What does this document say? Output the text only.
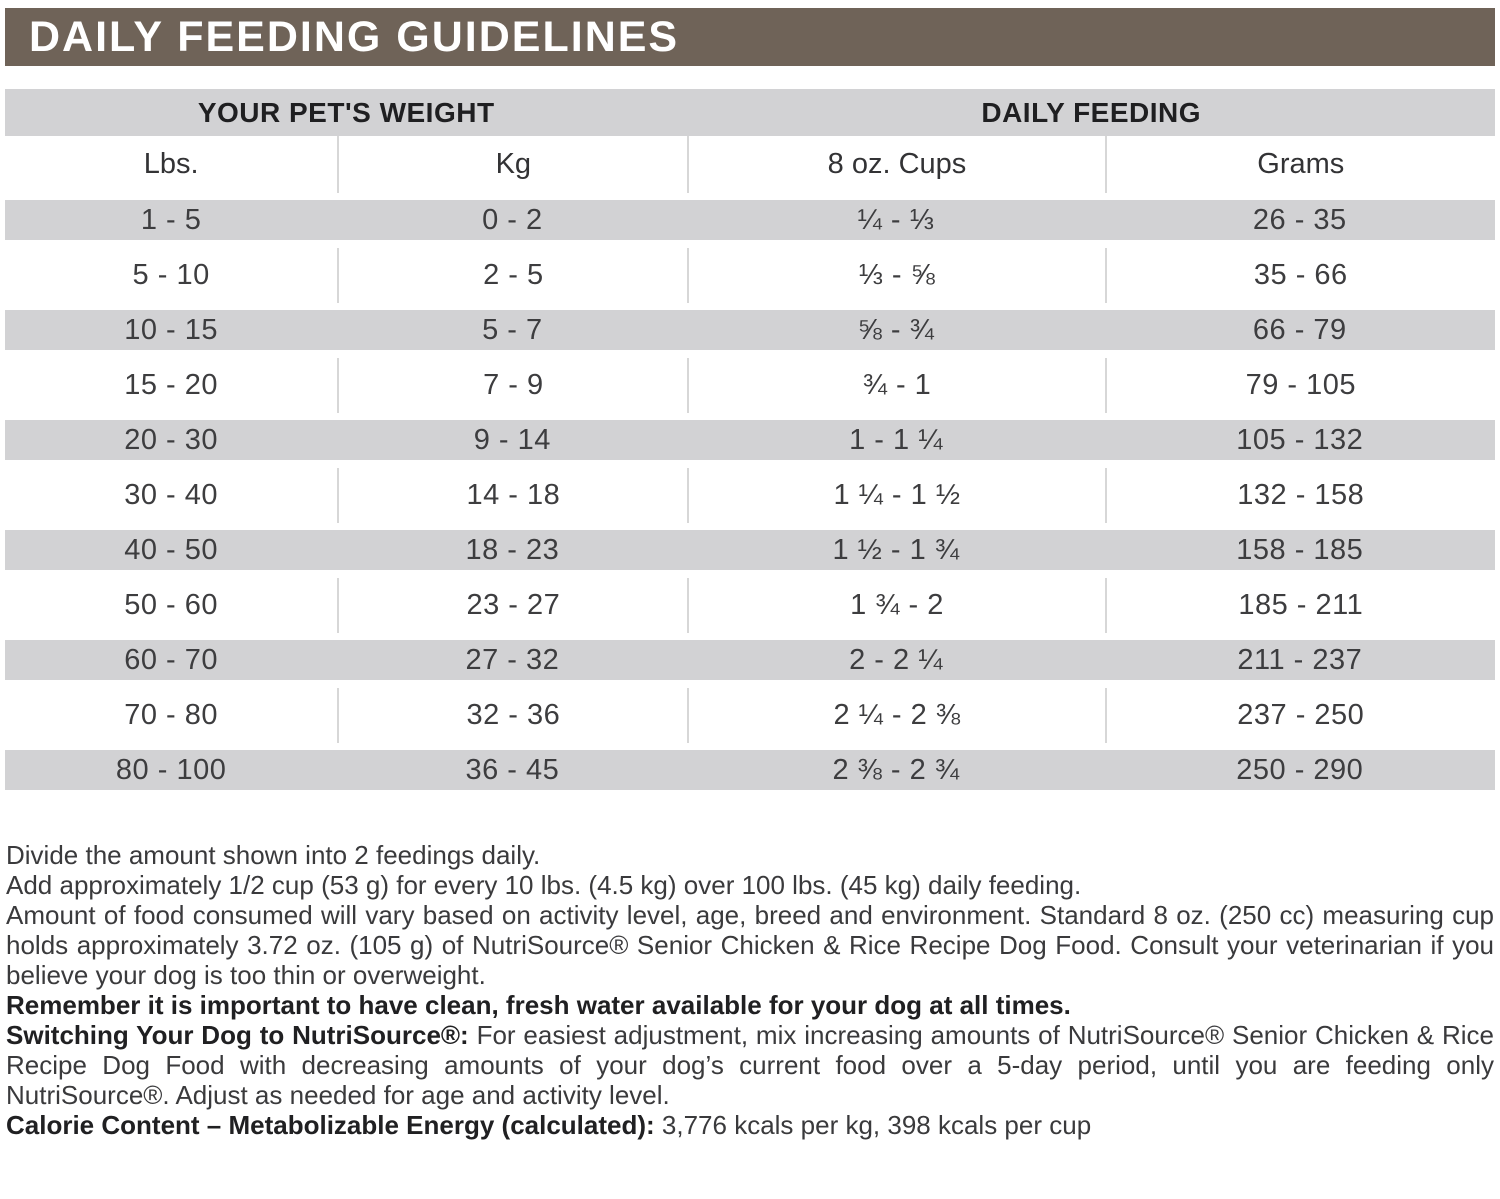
DAILY FEEDING GUIDELINES
YOUR PET'S WEIGHT		DAILY FEEDING	
Lbs.	Kg	8 oz. Cups	Grams
1 - 5	0 - 2	¼ - ⅓	26 - 35
5 - 10	2 - 5	⅓ - ⅝	35 - 66
10 - 15	5 - 7	⅝ - ¾	66 - 79
15 - 20	7 - 9	¾ - 1	79 - 105
20 - 30	9 - 14	1 - 1 ¼	105 - 132
30 - 40	14 - 18	1 ¼ - 1 ½	132 - 158
40 - 50	18 - 23	1 ½ - 1 ¾	158 - 185
50 - 60	23 - 27	1 ¾ - 2	185 - 211
60 - 70	27 - 32	2 - 2 ¼	211 - 237
70 - 80	32 - 36	2 ¼ - 2 ⅜	237 - 250
80 - 100	36 - 45	2 ⅜ - 2 ¾	250 - 290

Divide the amount shown into 2 feedings daily.

Add approximately 1/2 cup (53 g) for every 10 lbs. (4.5 kg) over 100 lbs. (45 kg) daily feeding.

Amount of food consumed will vary based on activity level, age, breed and environment. Standard 8 oz. (250 cc) measuring cup holds approximately 3.72 oz. (105 g) of NutriSource® Senior Chicken & Rice Recipe Dog Food. Consult your veterinarian if you believe your dog is too thin or overweight.

Remember it is important to have clean, fresh water available for your dog at all times.

Switching Your Dog to NutriSource®: For easiest adjustment, mix increasing amounts of NutriSource® Senior Chicken & Rice Recipe Dog Food with decreasing amounts of your dog’s current food over a 5-day period, until you are feeding only NutriSource®. Adjust as needed for age and activity level.

Calorie Content – Metabolizable Energy (calculated): 3,776 kcals per kg, 398 kcals per cup
